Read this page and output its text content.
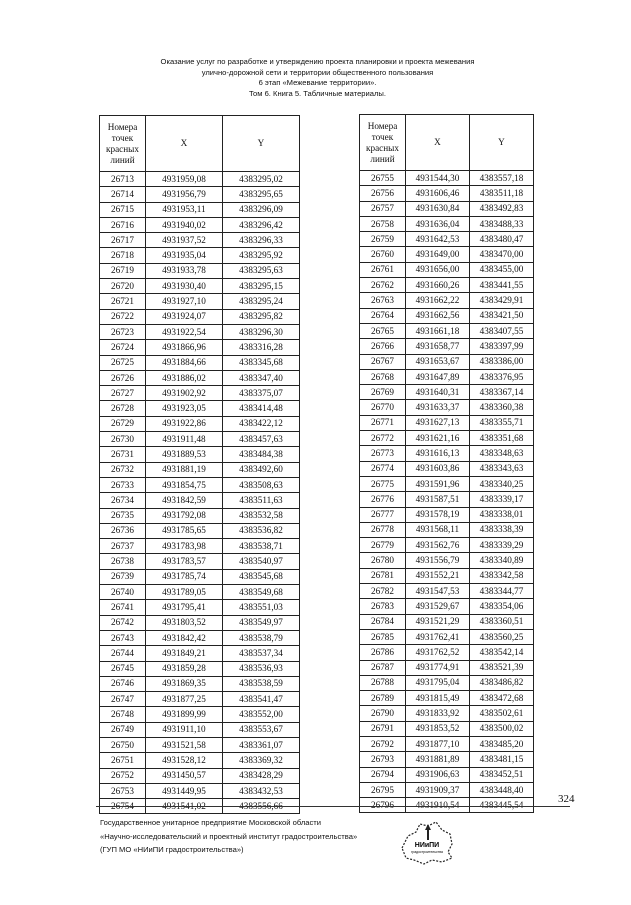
Оказание услуг по разработке и утверждению проекта планировки и проекта межевания
улично-дорожной сети и территории общественного пользования
6 этап «Межевание территории».
Том 6. Книга 5. Табличные материалы.
Номера точек красных линий	X	Y
26713	4931959,08	4383295,02
26714	4931956,79	4383295,65
26715	4931953,11	4383296,09
26716	4931940,02	4383296,42
26717	4931937,52	4383296,33
26718	4931935,04	4383295,92
26719	4931933,78	4383295,63
26720	4931930,40	4383295,15
26721	4931927,10	4383295,24
26722	4931924,07	4383295,82
26723	4931922,54	4383296,30
26724	4931866,96	4383316,28
26725	4931884,66	4383345,68
26726	4931886,02	4383347,40
26727	4931902,92	4383375,07
26728	4931923,05	4383414,48
26729	4931922,86	4383422,12
26730	4931911,48	4383457,63
26731	4931889,53	4383484,38
26732	4931881,19	4383492,60
26733	4931854,75	4383508,63
26734	4931842,59	4383511,63
26735	4931792,08	4383532,58
26736	4931785,65	4383536,82
26737	4931783,98	4383538,71
26738	4931783,57	4383540,97
26739	4931785,74	4383545,68
26740	4931789,05	4383549,68
26741	4931795,41	4383551,03
26742	4931803,52	4383549,97
26743	4931842,42	4383538,79
26744	4931849,21	4383537,34
26745	4931859,28	4383536,93
26746	4931869,35	4383538,59
26747	4931877,25	4383541,47
26748	4931899,99	4383552,00
26749	4931911,10	4383553,67
26750	4931521,58	4383361,07
26751	4931528,12	4383369,32
26752	4931450,57	4383428,29
26753	4931449,95	4383432,53
26754	4931541,02	4383556,66
Номера точек красных линий	X	Y
26755	4931544,30	4383557,18
26756	4931606,46	4383511,18
26757	4931630,84	4383492,83
26758	4931636,04	4383488,33
26759	4931642,53	4383480,47
26760	4931649,00	4383470,00
26761	4931656,00	4383455,00
26762	4931660,26	4383441,55
26763	4931662,22	4383429,91
26764	4931662,56	4383421,50
26765	4931661,18	4383407,55
26766	4931658,77	4383397,99
26767	4931653,67	4383386,00
26768	4931647,89	4383376,95
26769	4931640,31	4383367,14
26770	4931633,37	4383360,38
26771	4931627,13	4383355,71
26772	4931621,16	4383351,68
26773	4931616,13	4383348,63
26774	4931603,86	4383343,63
26775	4931591,96	4383340,25
26776	4931587,51	4383339,17
26777	4931578,19	4383338,01
26778	4931568,11	4383338,39
26779	4931562,76	4383339,29
26780	4931556,79	4383340,89
26781	4931552,21	4383342,58
26782	4931547,53	4383344,77
26783	4931529,67	4383354,06
26784	4931521,29	4383360,51
26785	4931762,41	4383560,25
26786	4931762,52	4383542,14
26787	4931774,91	4383521,39
26788	4931795,04	4383486,82
26789	4931815,49	4383472,68
26790	4931833,92	4383502,61
26791	4931853,52	4383500,02
26792	4931877,10	4383485,20
26793	4931881,89	4383481,15
26794	4931906,63	4383452,51
26795	4931909,37	4383448,40
26796	4931910,54	4383445,54	324
Государственное унитарное предприятие Московской области
«Научно-исследовательский и проектный институт градостроительства»
(ГУП МО «НИиПИ градостроительства»)	НИиПИ
градостроительства
